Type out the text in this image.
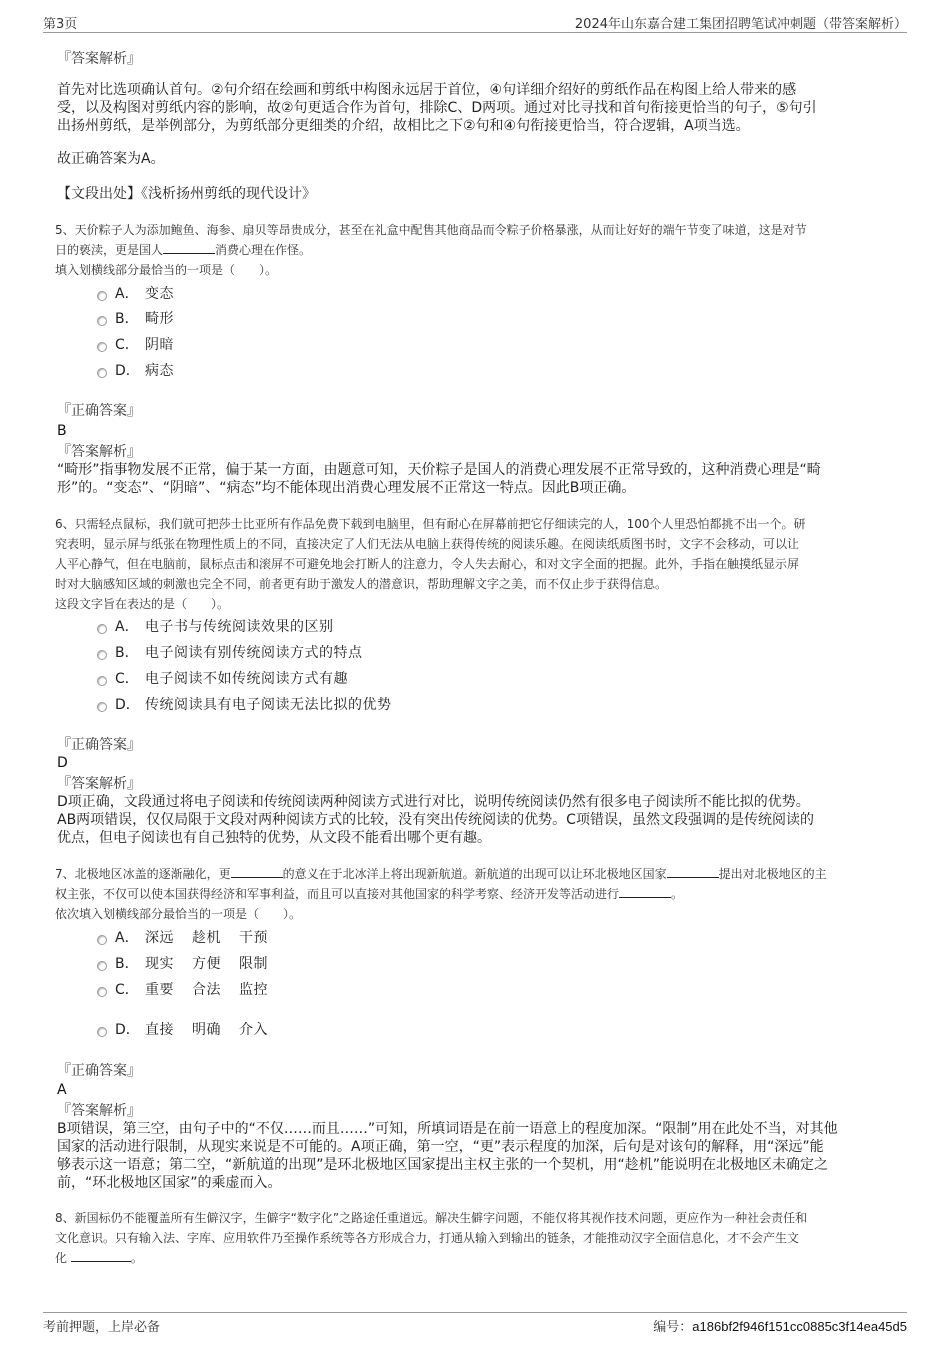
第3页	2024年山东嘉合建工集团招聘笔试冲刺题（带答案解析）
『答案解析』
首先对比选项确认首句。②句介绍在绘画和剪纸中构图永远居于首位，④句详细介绍好的剪纸作品在构图上给人带来的感
受，以及构图对剪纸内容的影响，故②句更适合作为首句，排除C、D两项。通过对比寻找和首句衔接更恰当的句子，⑤句引
出扬州剪纸，是举例部分，为剪纸部分更细类的介绍，故相比之下②句和④句衔接更恰当，符合逻辑，A项当选。
故正确答案为A。
【文段出处】《浅析扬州剪纸的现代设计》
5、天价粽子人为添加鲍鱼、海参、扇贝等昂贵成分，甚至在礼盒中配售其他商品而令粽子价格暴涨，从而让好好的端午节变了味道，这是对节
日的亵渎，更是国人	消费心理在作怪。
填入划横线部分最恰当的一项是（　　）。
A． 变态
B． 畸形
C． 阴暗
D． 病态
『正确答案』
B
『答案解析』
“畸形”指事物发展不正常，偏于某一方面，由题意可知，天价粽子是国人的消费心理发展不正常导致的，这种消费心理是“畸
形”的。“变态”、“阴暗”、“病态”均不能体现出消费心理发展不正常这一特点。因此B项正确。
6、只需轻点鼠标，我们就可把莎士比亚所有作品免费下载到电脑里，但有耐心在屏幕前把它仔细读完的人，100个人里恐怕都挑不出一个。研
究表明，显示屏与纸张在物理性质上的不同，直接决定了人们无法从电脑上获得传统的阅读乐趣。在阅读纸质图书时，文字不会移动，可以让
人平心静气，但在电脑前，鼠标点击和滚屏不可避免地会打断人的注意力，令人失去耐心，和对文字全面的把握。此外，手指在触摸纸显示屏
时对大脑感知区域的刺激也完全不同，前者更有助于激发人的潜意识，帮助理解文字之美，而不仅止步于获得信息。
这段文字旨在表达的是（　　）。
A． 电子书与传统阅读效果的区别
B． 电子阅读有别传统阅读方式的特点
C． 电子阅读不如传统阅读方式有趣
D． 传统阅读具有电子阅读无法比拟的优势
『正确答案』
D
『答案解析』
D项正确，文段通过将电子阅读和传统阅读两种阅读方式进行对比，说明传统阅读仍然有很多电子阅读所不能比拟的优势。
AB两项错误，仅仅局限于文段对两种阅读方式的比较，没有突出传统阅读的优势。C项错误，虽然文段强调的是传统阅读的
优点，但电子阅读也有自己独特的优势，从文段不能看出哪个更有趣。
7、北极地区冰盖的逐渐融化，更	的意义在于北冰洋上将出现新航道。新航道的出现可以让环北极地区国家	提出对北极地区的主
权主张，不仅可以使本国获得经济和军事利益，而且可以直接对其他国家的科学考察、经济开发等活动进行	。
依次填入划横线部分最恰当的一项是（　　）。
A． 深远 趁机 干预
B． 现实 方便 限制
C． 重要 合法 监控
D． 直接 明确 介入
『正确答案』
A
『答案解析』
B项错误，第三空，由句子中的“不仅……而且……”可知，所填词语是在前一语意上的程度加深。“限制”用在此处不当，对其他
国家的活动进行限制，从现实来说是不可能的。A项正确，第一空，“更”表示程度的加深，后句是对该句的解释，用“深远”能
够表示这一语意；第二空，“新航道的出现”是环北极地区国家提出主权主张的一个契机，用“趁机”能说明在北极地区未确定之
前，“环北极地区国家”的乘虚而入。
8、新国标仍不能覆盖所有生僻汉字，生僻字“数字化”之路途任重道远。解决生僻字问题，不能仅将其视作技术问题，更应作为一种社会责任和
文化意识。只有输入法、字库、应用软件乃至操作系统等各方形成合力，打通从输入到输出的链条，才能推动汉字全面信息化，才不会产生文
化	。
考前押题，上岸必备	编号：a186bf2f946f151cc0885c3f14ea45d5
